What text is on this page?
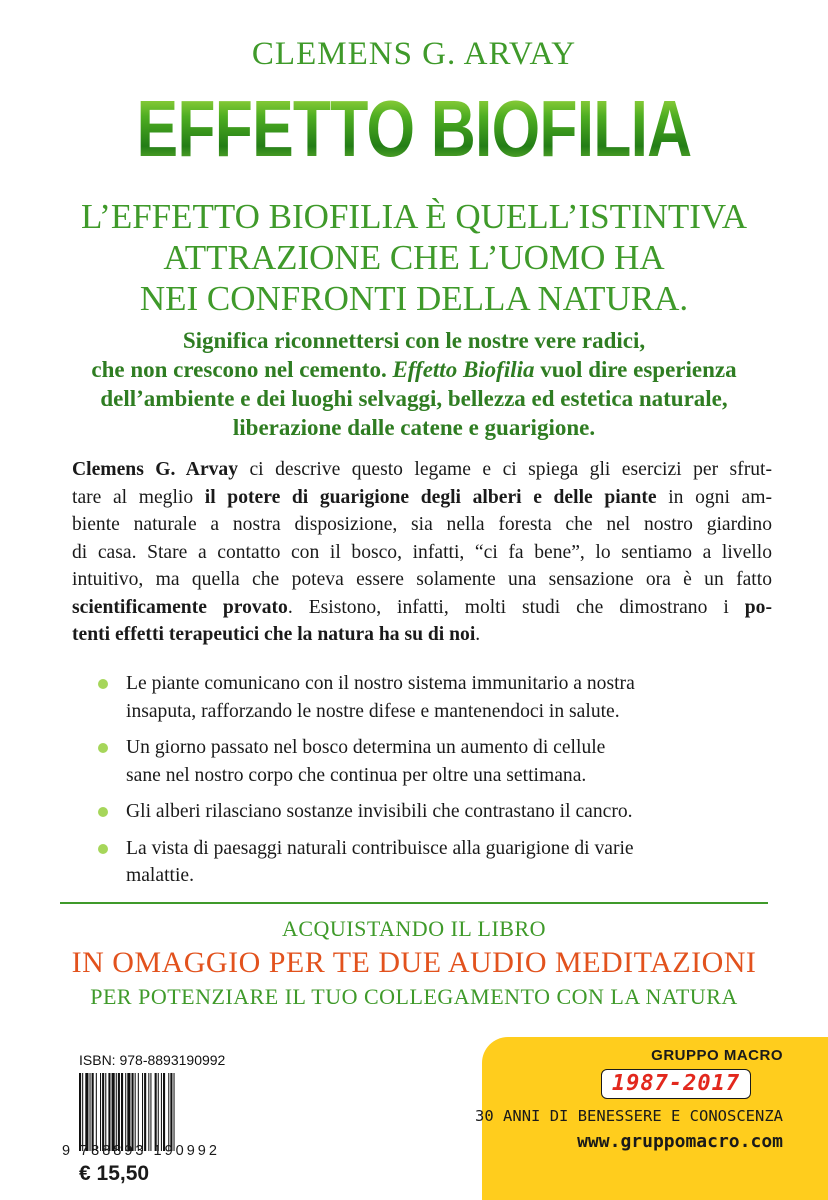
CLEMENS G. ARVAY
EFFETTO BIOFILIA
L’EFFETTO BIOFILIA È QUELL’ISTINTIVA
ATTRAZIONE CHE L’UOMO HA
NEI CONFRONTI DELLA NATURA.
Significa riconnettersi con le nostre vere radici,
che non crescono nel cemento. Effetto Biofilia vuol dire esperienza
dell’ambiente e dei luoghi selvaggi, bellezza ed estetica naturale,
liberazione dalle catene e guarigione.
Clemens G. Arvay ci descrive questo legame e ci spiega gli esercizi per sfrut-
tare al meglio il potere di guarigione degli alberi e delle piante in ogni am-
biente naturale a nostra disposizione, sia nella foresta che nel nostro giardino
di casa. Stare a contatto con il bosco, infatti, “ci fa bene”, lo sentiamo a livello
intuitivo, ma quella che poteva essere solamente una sensazione ora è un fatto
scientificamente provato. Esistono, infatti, molti studi che dimostrano i po-
tenti effetti terapeutici che la natura ha su di noi.
Le piante comunicano con il nostro sistema immunitario a nostra
insaputa, rafforzando le nostre difese e mantenendoci in salute.
Un giorno passato nel bosco determina un aumento di cellule
sane nel nostro corpo che continua per oltre una settimana.
Gli alberi rilasciano sostanze invisibili che contrastano il cancro.
La vista di paesaggi naturali contribuisce alla guarigione di varie
malattie.
ACQUISTANDO IL LIBRO
IN OMAGGIO PER TE DUE AUDIO MEDITAZIONI
PER POTENZIARE IL TUO COLLEGAMENTO CON LA NATURA
ISBN: 978-8893190992
9 788893 190992
€ 15,50
GRUPPO MACRO
1987-2017
30 ANNI DI BENESSERE E CONOSCENZA
www.gruppomacro.com
